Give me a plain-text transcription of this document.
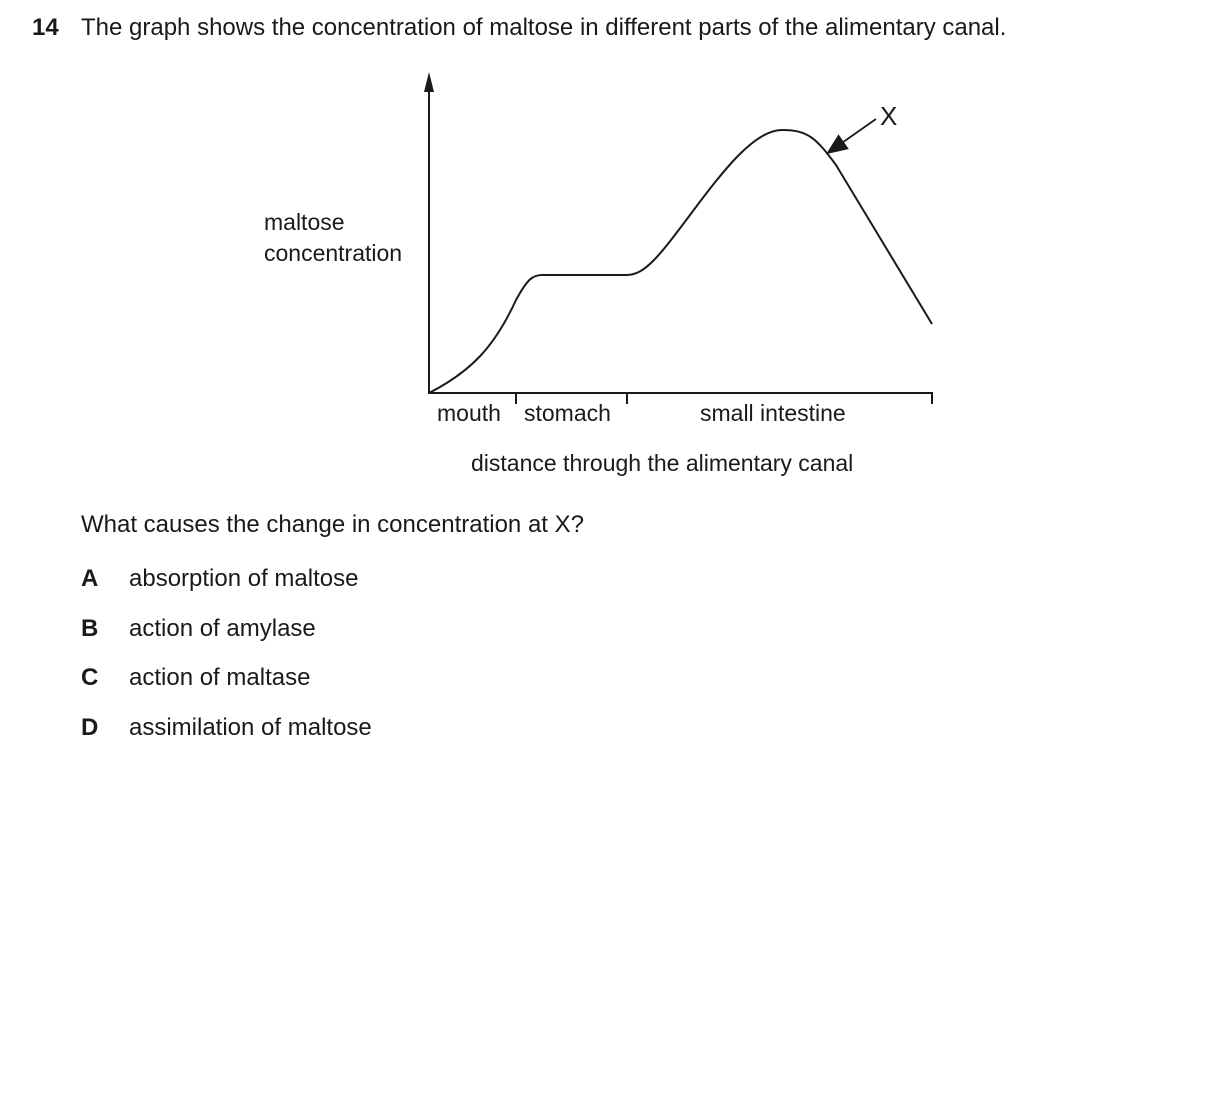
14 The graph shows the concentration of maltose in different parts of the alimentary canal.
maltose
concentration
X
mouth stomach	small intestine
distance through the alimentary canal
What causes the change in concentration at X?
A absorption of maltose
B action of amylase
C action of maltase
D assimilation of maltose
